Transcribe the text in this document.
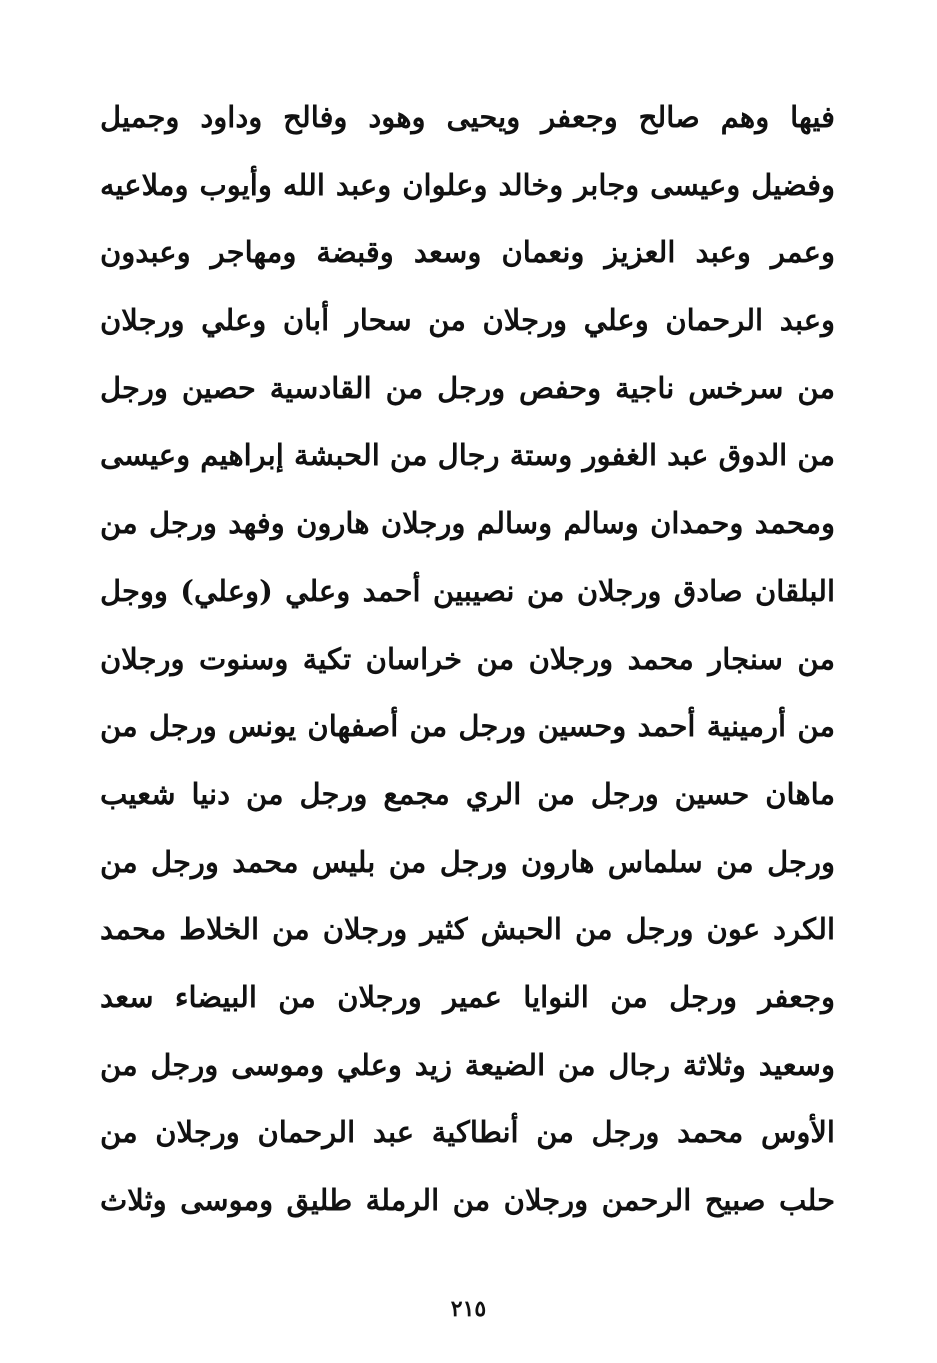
فيها وهم صالح وجعفر ويحيى وهود وفالح وداود وجميل
وفضيل وعيسى وجابر وخالد وعلوان وعبد الله وأيوب وملاعيه
وعمر وعبد العزيز ونعمان وسعد وقبضة ومهاجر وعبدون
وعبد الرحمان وعلي ورجلان من سحار أبان وعلي ورجلان
من سرخس ناجية وحفص ورجل من القادسية حصين ورجل
من الدوق عبد الغفور وستة رجال من الحبشة إبراهيم وعيسى
ومحمد وحمدان وسالم وسالم ورجلان هارون وفهد ورجل من
البلقان صادق ورجلان من نصيبين أحمد وعلي (وعلي) ووجل
من سنجار محمد ورجلان من خراسان تكية وسنوت ورجلان
من أرمينية أحمد وحسين ورجل من أصفهان يونس ورجل من
ماهان حسين ورجل من الري مجمع ورجل من دنيا شعيب
ورجل من سلماس هارون ورجل من بليس محمد ورجل من
الكرد عون ورجل من الحبش كثير ورجلان من الخلاط محمد
وجعفر ورجل من النوايا عمير ورجلان من البيضاء سعد
وسعيد وثلاثة رجال من الضيعة زيد وعلي وموسى ورجل من
الأوس محمد ورجل من أنطاكية عبد الرحمان ورجلان من
حلب صبيح الرحمن ورجلان من الرملة طليق وموسى وثلاث
٢١٥
